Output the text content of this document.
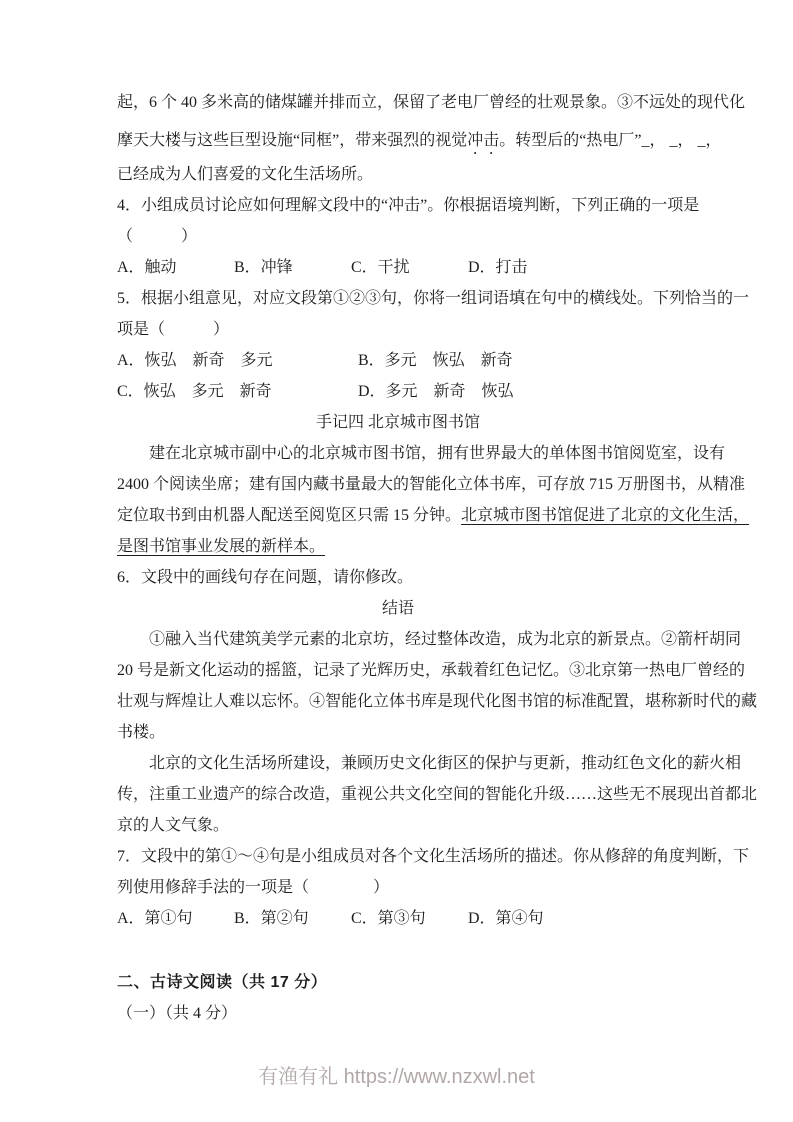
起，6 个 40 多米高的储煤罐并排而立，保留了老电厂曾经的壮观景象。③不远处的现代化
摩天大楼与这些巨型设施“同框”，带来强烈的视觉冲击。转型后的“热电厂”_， _， _，
已经成为人们喜爱的文化生活场所。
4．小组成员讨论应如何理解文段中的“冲击”。你根据语境判断，下列正确的一项是
（　　　）
A．触动	B．冲锋	C．干扰	D．打击
5．根据小组意见，对应文段第①②③句，你将一组词语填在句中的横线处。下列恰当的一
项是（　　　）
A．恢弘　新奇　多元	B．多元　恢弘　新奇
C．恢弘　多元　新奇	D．多元　新奇　恢弘
手记四 北京城市图书馆
建在北京城市副中心的北京城市图书馆，拥有世界最大的单体图书馆阅览室，设有
2400 个阅读坐席；建有国内藏书量最大的智能化立体书库，可存放 715 万册图书，从精准
定位取书到由机器人配送至阅览区只需 15 分钟。北京城市图书馆促进了北京的文化生活，
是图书馆事业发展的新样本。
6．文段中的画线句存在问题，请你修改。
结语
①融入当代建筑美学元素的北京坊，经过整体改造，成为北京的新景点。②箭杆胡同
20 号是新文化运动的摇篮，记录了光辉历史，承载着红色记忆。③北京第一热电厂曾经的
壮观与辉煌让人难以忘怀。④智能化立体书库是现代化图书馆的标准配置，堪称新时代的藏
书楼。
北京的文化生活场所建设，兼顾历史文化街区的保护与更新，推动红色文化的薪火相
传，注重工业遗产的综合改造，重视公共文化空间的智能化升级……这些无不展现出首都北
京的人文气象。
7．文段中的第①～④句是小组成员对各个文化生活场所的描述。你从修辞的角度判断，下
列使用修辞手法的一项是（　　　　）
A．第①句	B．第②句	C．第③句	D．第④句
二、古诗文阅读（共 17 分）
（一）（共 4 分）
有渔有礼 https://www.nzxwl.net
